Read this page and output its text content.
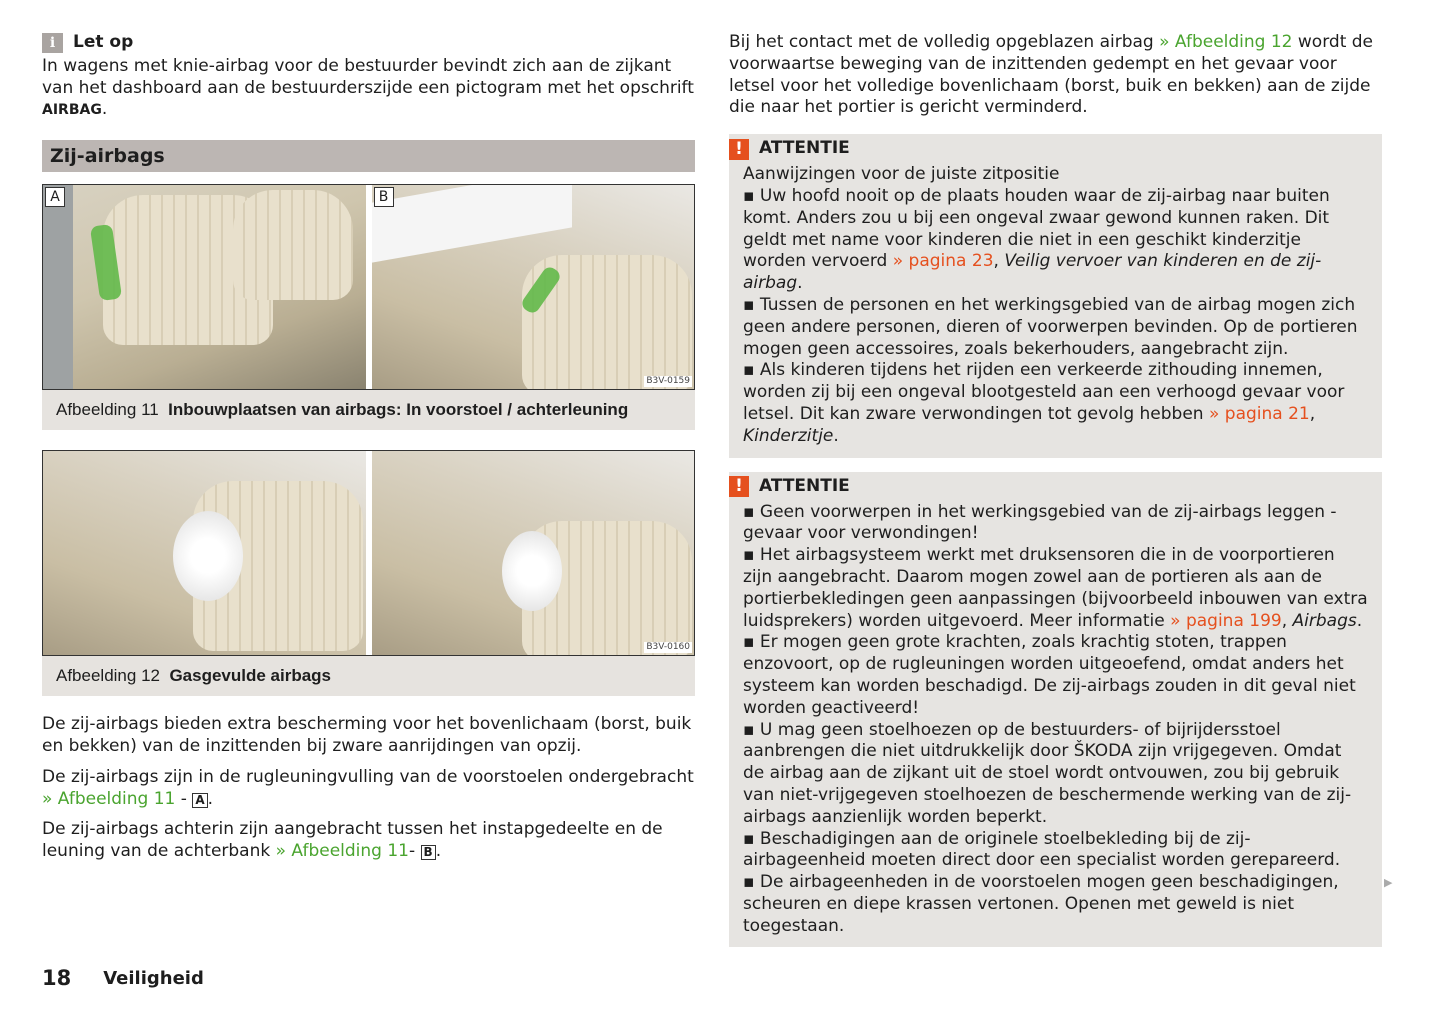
i	Let op

In wagens met knie-airbag voor de bestuurder bevindt zich aan de zijkant van het dashboard aan de bestuurderszijde een pictogram met het opschrift AIRBAG.

Zij-airbags
A	B
B3V-0159
Afbeelding 11 Inbouwplaatsen van airbags: In voorstoel / achterleuning
B3V-0160
Afbeelding 12 Gasgevulde airbags

De zij-airbags bieden extra bescherming voor het bovenlichaam (borst, buik en bekken) van de inzittenden bij zware aanrijdingen van opzij.

De zij-airbags zijn in de rugleuningvulling van de voorstoelen ondergebracht » Afbeelding 11 - A .

De zij-airbags achterin zijn aangebracht tussen het instapgedeelte en de leuning van de achterbank » Afbeelding 11- B .

Bij het contact met de volledig opgeblazen airbag » Afbeelding 12 wordt de voorwaartse beweging van de inzittenden gedempt en het gevaar voor letsel voor het volledige bovenlichaam (borst, buik en bekken) aan de zijde die naar het portier is gericht verminderd.

! ATTENTIE
Aanwijzingen voor de juiste zitpositie
▪ Uw hoofd nooit op de plaats houden waar de zij-airbag naar buiten komt. Anders zou u bij een ongeval zwaar gewond kunnen raken. Dit geldt met name voor kinderen die niet in een geschikt kinderzitje worden vervoerd » pagina 23, Veilig vervoer van kinderen en de zij-airbag.
▪ Tussen de personen en het werkingsgebied van de airbag mogen zich geen andere personen, dieren of voorwerpen bevinden. Op de portieren mogen geen accessoires, zoals bekerhouders, aangebracht zijn.
▪ Als kinderen tijdens het rijden een verkeerde zithouding innemen, worden zij bij een ongeval blootgesteld aan een verhoogd gevaar voor letsel. Dit kan zware verwondingen tot gevolg hebben » pagina 21, Kinderzitje.
! ATTENTIE
▪ Geen voorwerpen in het werkingsgebied van de zij-airbags leggen - gevaar voor verwondingen!
▪ Het airbagsysteem werkt met druksensoren die in de voorportieren zijn aangebracht. Daarom mogen zowel aan de portieren als aan de portierbekledingen geen aanpassingen (bijvoorbeeld inbouwen van extra luidsprekers) worden uitgevoerd. Meer informatie » pagina 199, Airbags.
▪ Er mogen geen grote krachten, zoals krachtig stoten, trappen enzovoort, op de rugleuningen worden uitgeoefend, omdat anders het systeem kan worden beschadigd. De zij-airbags zouden in dit geval niet worden geactiveerd!
▪ U mag geen stoelhoezen op de bestuurders- of bijrijdersstoel aanbrengen die niet uitdrukkelijk door ŠKODA zijn vrijgegeven. Omdat de airbag aan de zijkant uit de stoel wordt ontvouwen, zou bij gebruik van niet-vrijgegeven stoelhoezen de beschermende werking van de zij-airbags aanzienlijk worden beperkt.
▪ Beschadigingen aan de originele stoelbekleding bij de zij-airbageenheid moeten direct door een specialist worden gerepareerd.
▪ De airbageenheden in de voorstoelen mogen geen beschadigingen, scheuren en diepe krassen vertonen. Openen met geweld is niet toegestaan.
▶
18 Veiligheid
